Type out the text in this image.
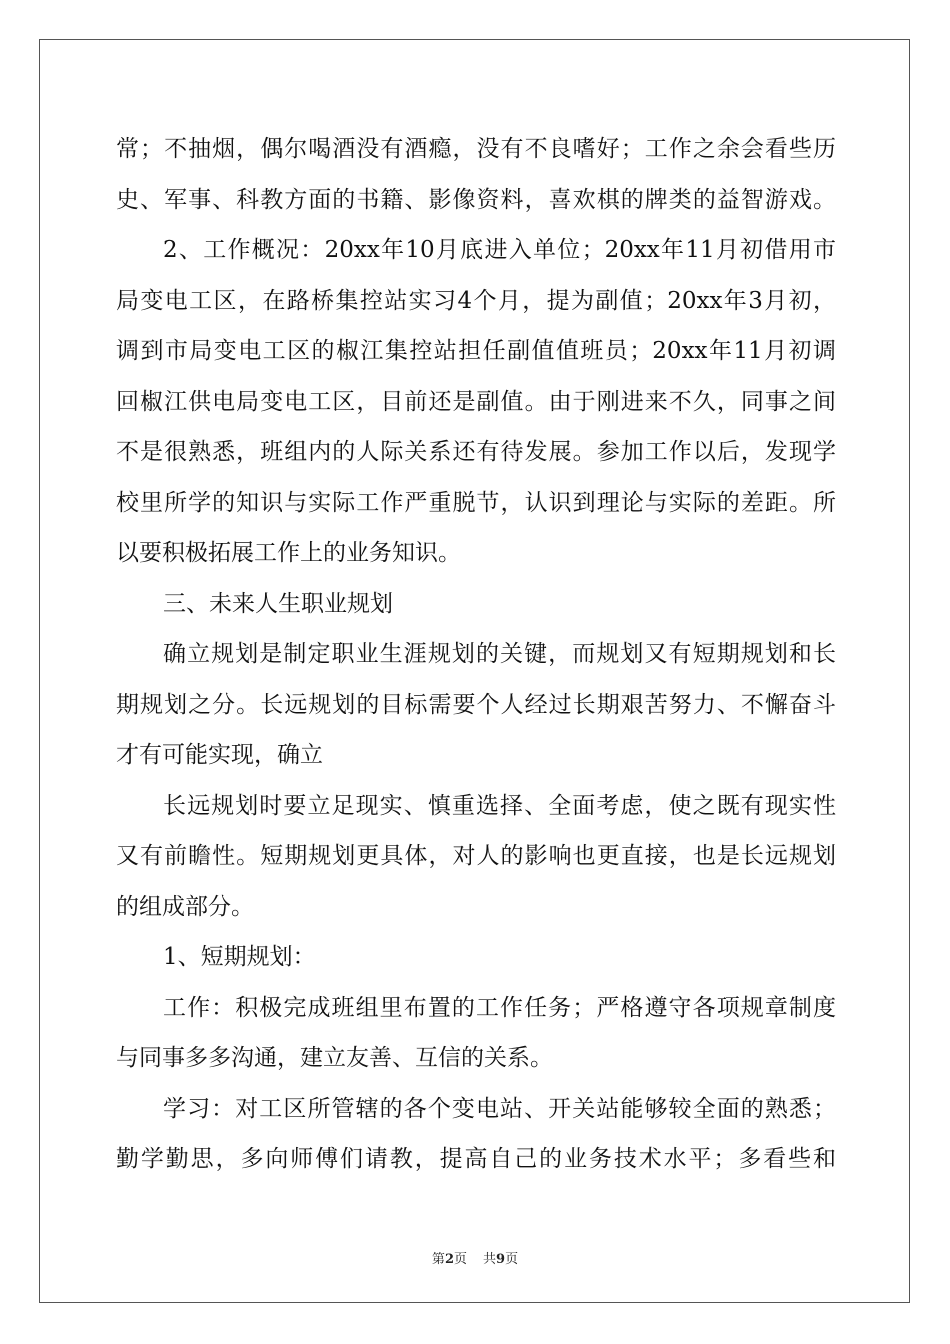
常；不抽烟，偶尔喝酒没有酒瘾，没有不良嗜好；工作之余会看些历
史、军事、科教方面的书籍、影像资料，喜欢棋的牌类的益智游戏。
2、工作概况：20xx年10月底进入单位；20xx年11月初借用市
局变电工区，在路桥集控站实习4个月，提为副值；20xx年3月初，
调到市局变电工区的椒江集控站担任副值值班员；20xx年11月初调
回椒江供电局变电工区，目前还是副值。由于刚进来不久，同事之间
不是很熟悉，班组内的人际关系还有待发展。参加工作以后，发现学
校里所学的知识与实际工作严重脱节，认识到理论与实际的差距。所
以要积极拓展工作上的业务知识。
三、未来人生职业规划
确立规划是制定职业生涯规划的关键，而规划又有短期规划和长
期规划之分。长远规划的目标需要个人经过长期艰苦努力、不懈奋斗
才有可能实现，确立
长远规划时要立足现实、慎重选择、全面考虑，使之既有现实性
又有前瞻性。短期规划更具体，对人的影响也更直接，也是长远规划
的组成部分。
1、短期规划：
工作：积极完成班组里布置的工作任务；严格遵守各项规章制度
与同事多多沟通，建立友善、互信的关系。
学习：对工区所管辖的各个变电站、开关站能够较全面的熟悉；
勤学勤思，多向师傅们请教，提高自己的业务技术水平；多看些和
第2页 共9页
